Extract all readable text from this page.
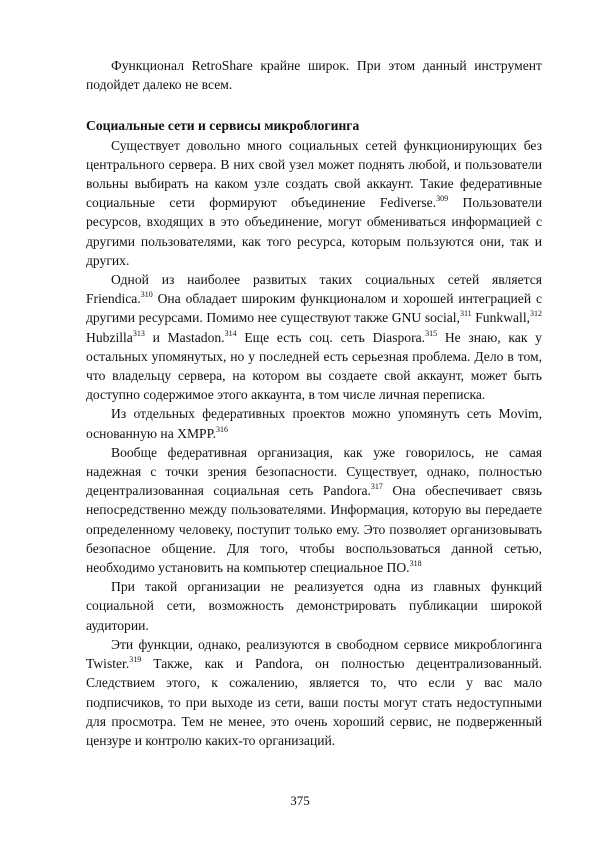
Функционал RetroShare крайне широк. При этом данный инструмент подойдет далеко не всем.

Социальные сети и сервисы микроблогинга

Существует довольно много социальных сетей функционирующих без центрального сервера. В них свой узел может поднять любой, и пользователи вольны выбирать на каком узле создать свой аккаунт. Такие федеративные социальные сети формируют объединение Fediverse.$^{309}$ Пользователи ресурсов, входящих в это объединение, могут обмениваться информацией с другими пользователями, как того ресурса, которым пользуются они, так и других.

Одной из наиболее развитых таких социальных сетей является Friendica.$^{310}$ Она обладает широким функционалом и хорошей интеграцией с другими ресурсами. Помимо нее существуют также GNU social,$^{311}$ Funkwall,$^{312}$ Hubzilla$^{313}$ и Mastadon.$^{314}$ Еще есть соц. сеть Diaspora.$^{315}$ Не знаю, как у остальных упомянутых, но у последней есть серьезная проблема. Дело в том, что владельцу сервера, на котором вы создаете свой аккаунт, может быть доступно содержимое этого аккаунта, в том числе личная переписка.

Из отдельных федеративных проектов можно упомянуть сеть Movim, основанную на XMPP.$^{316}$

Вообще федеративная организация, как уже говорилось, не самая надежная с точки зрения безопасности. Существует, однако, полностью децентрализованная социальная сеть Pandora.$^{317}$ Она обеспечивает связь непосредственно между пользователями. Информация, которую вы передаете определенному человеку, поступит только ему. Это позволяет организовывать безопасное общение. Для того, чтобы воспользоваться данной сетью, необходимо установить на компьютер специальное ПО.$^{318}$

При такой организации не реализуется одна из главных функций социальной сети, возможность демонстрировать публикации широкой аудитории.

Эти функции, однако, реализуются в свободном сервисе микроблогинга Twister.$^{319}$ Также, как и Pandora, он полностью децентрализованный. Следствием этого, к сожалению, является то, что если у вас мало подписчиков, то при выходе из сети, ваши посты могут стать недоступными для просмотра. Тем не менее, это очень хороший сервис, не подверженный цензуре и контролю каких-то организаций.

375
